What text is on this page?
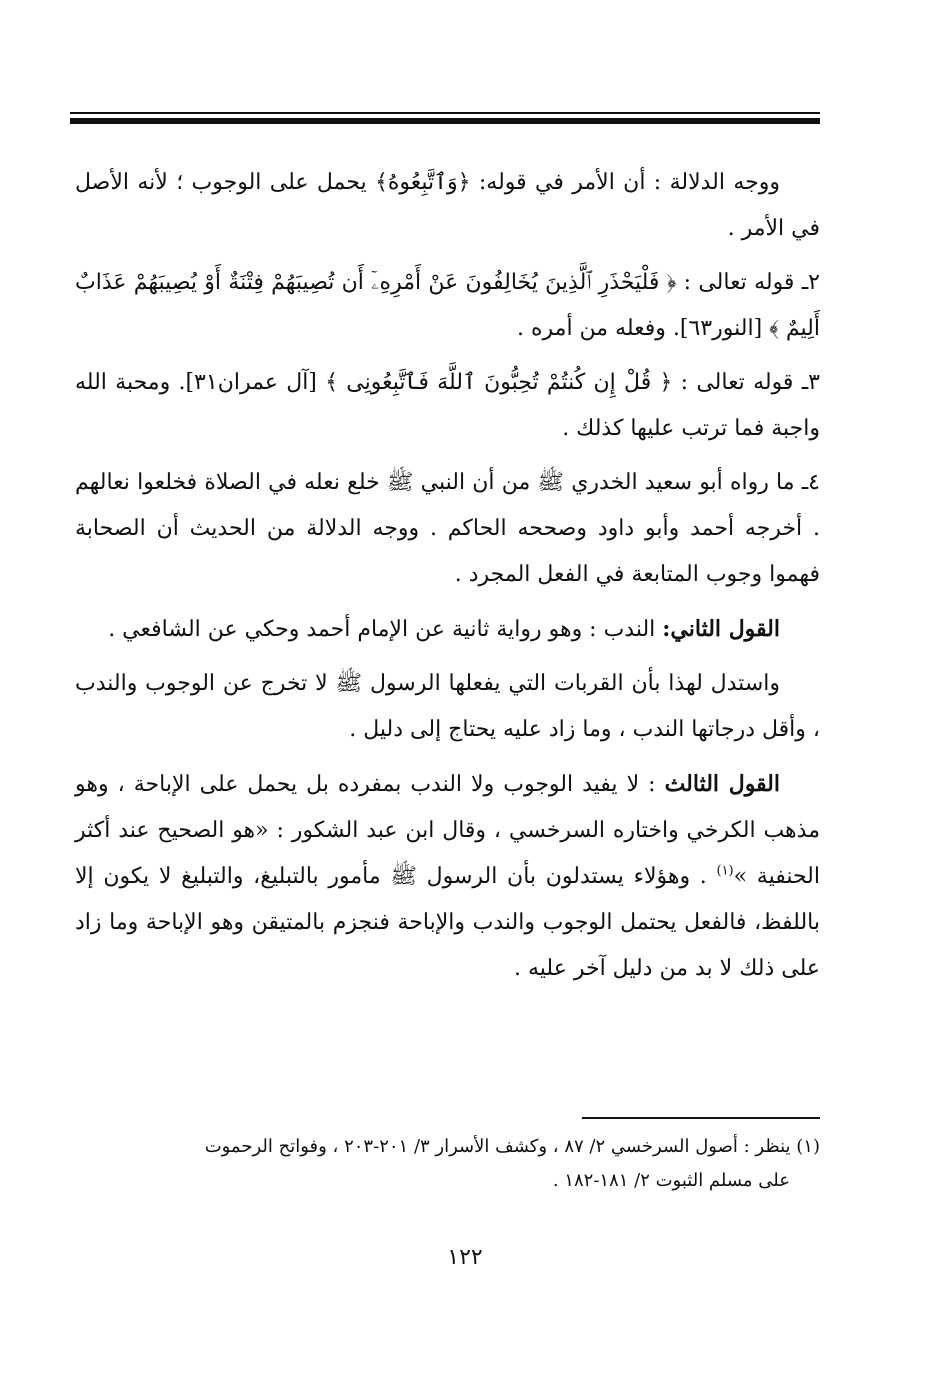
ووجه الدلالة : أن الأمر في قوله: ﴿وَٱتَّبِعُوهُ﴾ يحمل على الوجوب ؛ لأنه الأصل في الأمر .

٢ـ قوله تعالى : ﴿ فَلْيَحْذَرِ ٱلَّذِينَ يُخَالِفُونَ عَنْ أَمْرِهِۦٓ أَن تُصِيبَهُمْ فِتْنَةٌ أَوْ يُصِيبَهُمْ عَذَابٌ أَلِيمٌ ﴾ [النور٦٣]. وفعله من أمره .

٣ـ قوله تعالى : ﴿ قُلْ إِن كُنتُمْ تُحِبُّونَ ٱللَّهَ فَٱتَّبِعُونِى ﴾ [آل عمران٣١]. ومحبة الله واجبة فما ترتب عليها كذلك .

٤ـ ما رواه أبو سعيد الخدري ﷺ من أن النبي ﷺ خلع نعله في الصلاة فخلعوا نعالهم . أخرجه أحمد وأبو داود وصححه الحاكم . ووجه الدلالة من الحديث أن الصحابة فهموا وجوب المتابعة في الفعل المجرد .

القول الثاني: الندب : وهو رواية ثانية عن الإمام أحمد وحكي عن الشافعي .

واستدل لهذا بأن القربات التي يفعلها الرسول ﷺ لا تخرج عن الوجوب والندب ، وأقل درجاتها الندب ، وما زاد عليه يحتاج إلى دليل .

القول الثالث : لا يفيد الوجوب ولا الندب بمفرده بل يحمل على الإباحة ، وهو مذهب الكرخي واختاره السرخسي ، وقال ابن عبد الشكور : «هو الصحيح عند أكثر الحنفية »$^{(١)}$ . وهؤلاء يستدلون بأن الرسول ﷺ مأمور بالتبليغ، والتبليغ لا يكون إلا باللفظ، فالفعل يحتمل الوجوب والندب والإباحة فنجزم بالمتيقن وهو الإباحة وما زاد على ذلك لا بد من دليل آخر عليه .

(١) ينظر : أصول السرخسي ٢/ ٨٧ ، وكشف الأسرار ٣/ ٢٠١-٢٠٣ ، وفواتح الرحموت
على مسلم الثبوت ٢/ ١٨١-١٨٢ .
١٢٢
